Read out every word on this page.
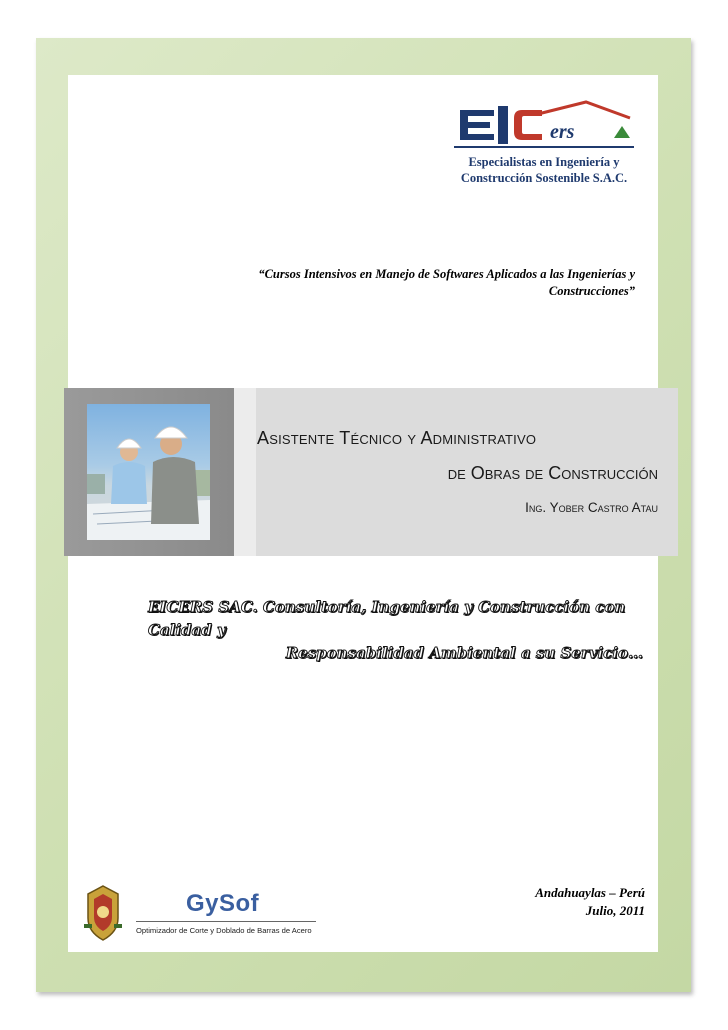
ers
Especialistas en Ingeniería y
Construcción Sostenible S.A.C.
“Cursos Intensivos en Manejo de Softwares Aplicados a las Ingenierías y
Construcciones”
Asistente Técnico y Administrativo
de Obras de Construcción
Ing. Yober Castro Atau
EICERS SAC. Consultoría, Ingeniería y Construcción con Calidad y
Responsabilidad Ambiental a su Servicio…
GySof
Optimizador de Corte y Doblado de Barras de Acero
Andahuaylas – Perú
Julio, 2011
